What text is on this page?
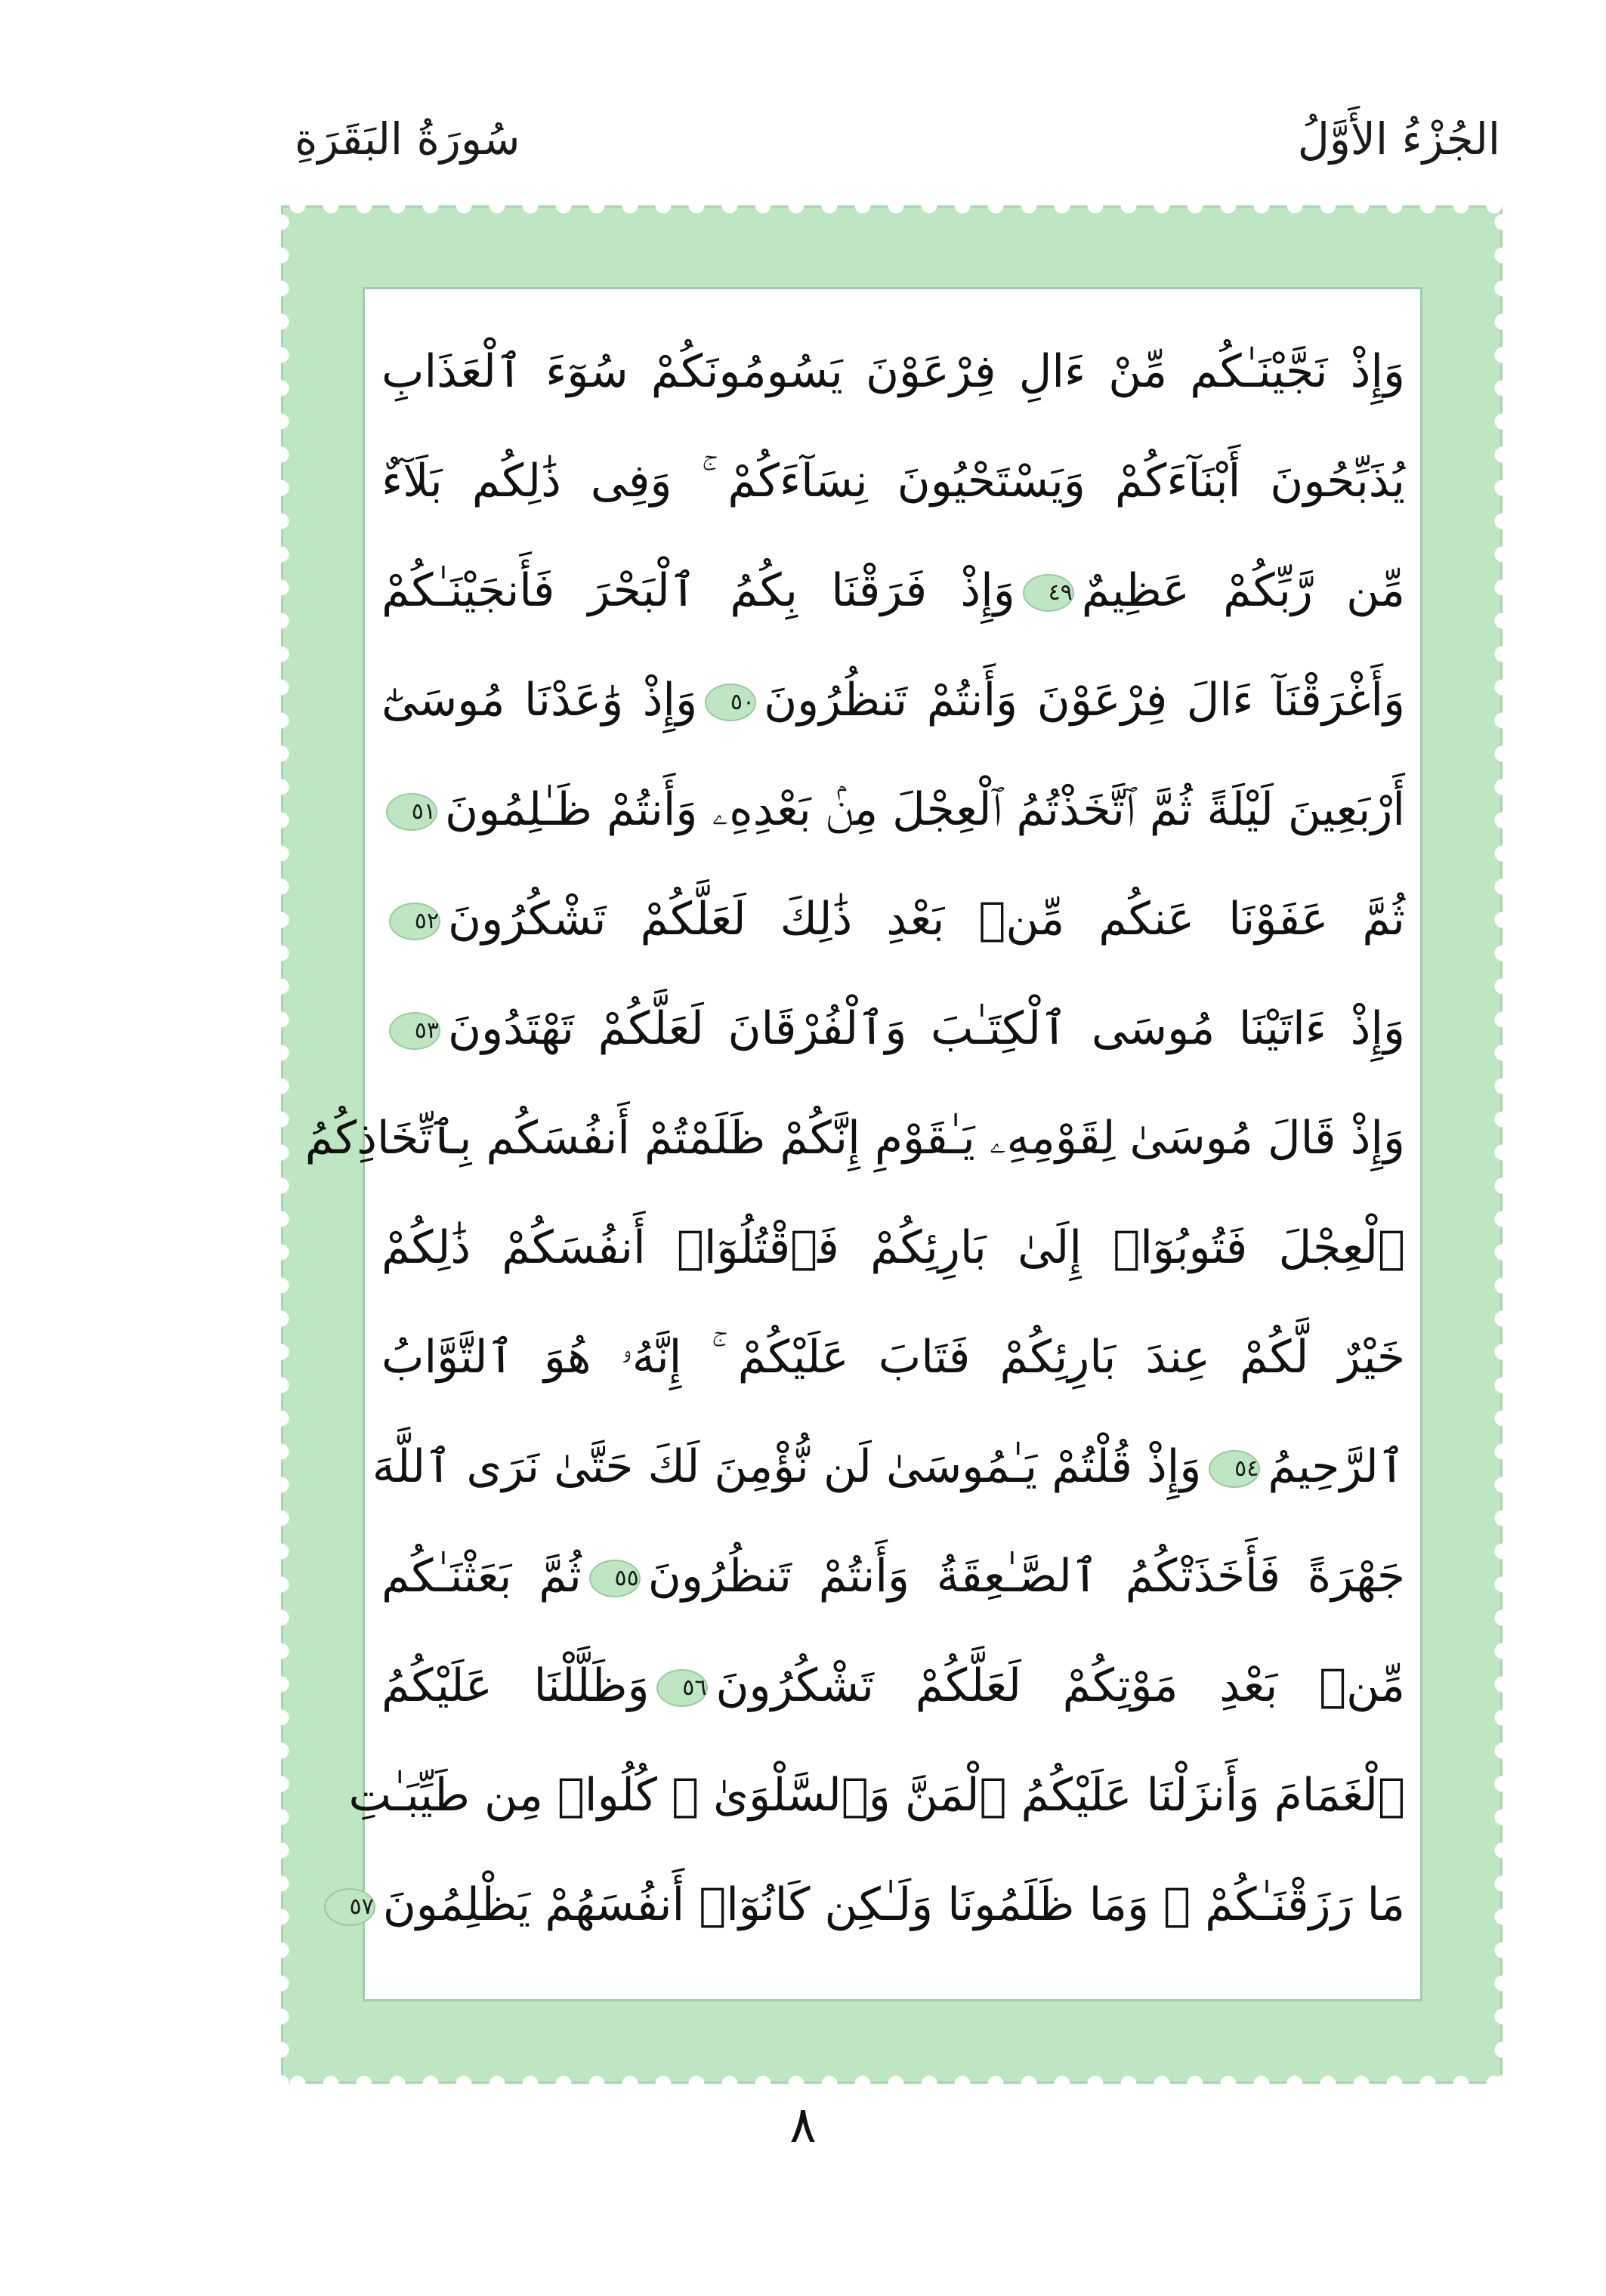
الجُزْءُ الأَوَّلُ
سُورَةُ البَقَرَةِ
وَإِذْ نَجَّيْنَـٰكُم مِّنْ ءَالِ فِرْعَوْنَ يَسُومُونَكُمْ سُوٓءَ ٱلْعَذَابِ
يُذَبِّحُونَ أَبْنَآءَكُمْ وَيَسْتَحْيُونَ نِسَآءَكُمْ ۚ وَفِى ذَٰلِكُم بَلَآءٌ
مِّن رَّبِّكُمْ عَظِيمٌ٤٩وَإِذْ فَرَقْنَا بِكُمُ ٱلْبَحْرَ فَأَنجَيْنَـٰكُمْ
وَأَغْرَقْنَآ ءَالَ فِرْعَوْنَ وَأَنتُمْ تَنظُرُونَ٥٠وَإِذْ وَٰعَدْنَا مُوسَىٰٓ
أَرْبَعِينَ لَيْلَةً ثُمَّ ٱتَّخَذْتُمُ ٱلْعِجْلَ مِنۢ بَعْدِهِۦ وَأَنتُمْ ظَـٰلِمُونَ٥١
ثُمَّ عَفَوْنَا عَنكُم مِّنۢ بَعْدِ ذَٰلِكَ لَعَلَّكُمْ تَشْكُرُونَ٥٢
وَإِذْ ءَاتَيْنَا مُوسَى ٱلْكِتَـٰبَ وَٱلْفُرْقَانَ لَعَلَّكُمْ تَهْتَدُونَ٥٣
وَإِذْ قَالَ مُوسَىٰ لِقَوْمِهِۦ يَـٰقَوْمِ إِنَّكُمْ ظَلَمْتُمْ أَنفُسَكُم بِٱتِّخَاذِكُمُ
ٱلْعِجْلَ فَتُوبُوٓا۟ إِلَىٰ بَارِئِكُمْ فَٱقْتُلُوٓا۟ أَنفُسَكُمْ ذَٰلِكُمْ
خَيْرٌ لَّكُمْ عِندَ بَارِئِكُمْ فَتَابَ عَلَيْكُمْ ۚ إِنَّهُۥ هُوَ ٱلتَّوَّابُ
ٱلرَّحِيمُ٥٤وَإِذْ قُلْتُمْ يَـٰمُوسَىٰ لَن نُّؤْمِنَ لَكَ حَتَّىٰ نَرَى ٱللَّهَ
جَهْرَةً فَأَخَذَتْكُمُ ٱلصَّـٰعِقَةُ وَأَنتُمْ تَنظُرُونَ٥٥ثُمَّ بَعَثْنَـٰكُم
مِّنۢ بَعْدِ مَوْتِكُمْ لَعَلَّكُمْ تَشْكُرُونَ٥٦وَظَلَّلْنَا عَلَيْكُمُ
ٱلْغَمَامَ وَأَنزَلْنَا عَلَيْكُمُ ٱلْمَنَّ وَٱلسَّلْوَىٰ ۖ كُلُوا۟ مِن طَيِّبَـٰتِ
مَا رَزَقْنَـٰكُمْ ۚ وَمَا ظَلَمُونَا وَلَـٰكِن كَانُوٓا۟ أَنفُسَهُمْ يَظْلِمُونَ٥٧
٨
